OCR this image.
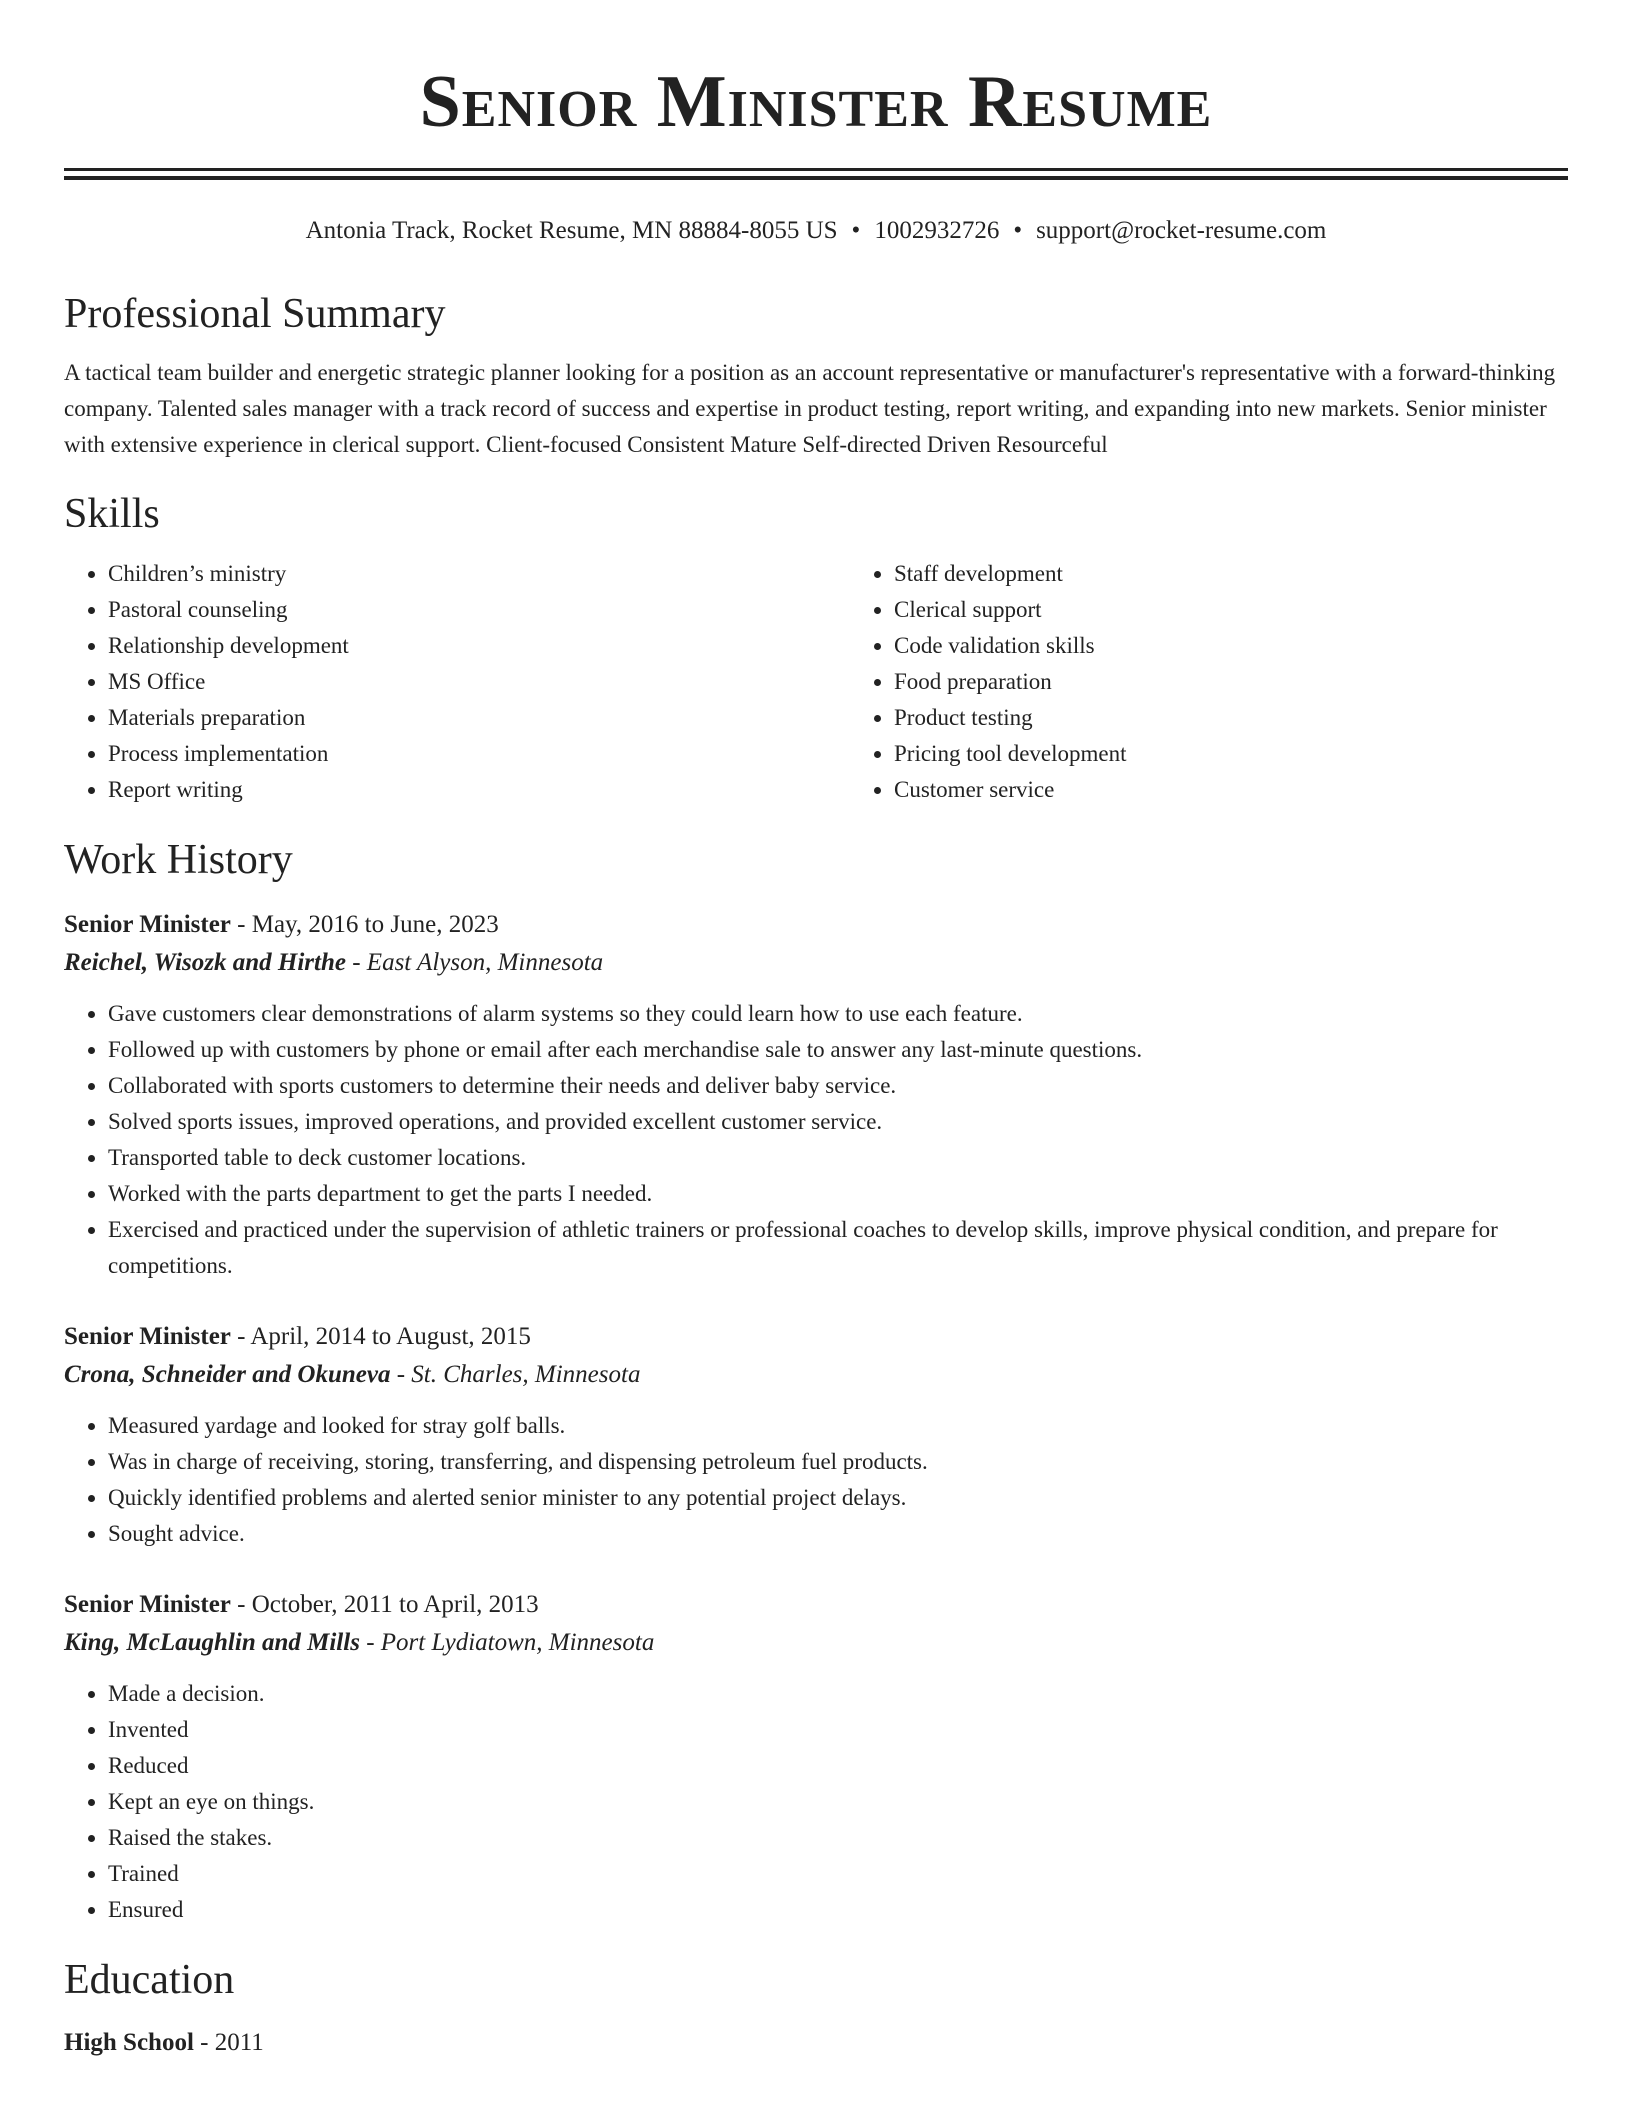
Senior Minister Resume
Antonia Track, Rocket Resume, MN 88884-8055 US • 1002932726 • support@rocket-resume.com
Professional Summary

A tactical team builder and energetic strategic planner looking for a position as an account representative or manufacturer's representative with a forward-thinking company. Talented sales manager with a track record of success and expertise in product testing, report writing, and expanding into new markets. Senior minister with extensive experience in clerical support. Client-focused Consistent Mature Self-directed Driven Resourceful

Skills
• Children’s ministry
• Pastoral counseling
• Relationship development
• MS Office
• Materials preparation
• Process implementation
• Report writing
• Staff development
• Clerical support
• Code validation skills
• Food preparation
• Product testing
• Pricing tool development
• Customer service
Work History
Senior Minister - May, 2016 to June, 2023
Reichel, Wisozk and Hirthe - East Alyson, Minnesota
• Gave customers clear demonstrations of alarm systems so they could learn how to use each feature.
• Followed up with customers by phone or email after each merchandise sale to answer any last-minute questions.
• Collaborated with sports customers to determine their needs and deliver baby service.
• Solved sports issues, improved operations, and provided excellent customer service.
• Transported table to deck customer locations.
• Worked with the parts department to get the parts I needed.
• Exercised and practiced under the supervision of athletic trainers or professional coaches to develop skills, improve physical condition, and prepare for competitions.
Senior Minister - April, 2014 to August, 2015
Crona, Schneider and Okuneva - St. Charles, Minnesota
• Measured yardage and looked for stray golf balls.
• Was in charge of receiving, storing, transferring, and dispensing petroleum fuel products.
• Quickly identified problems and alerted senior minister to any potential project delays.
• Sought advice.
Senior Minister - October, 2011 to April, 2013
King, McLaughlin and Mills - Port Lydiatown, Minnesota
• Made a decision.
• Invented
• Reduced
• Kept an eye on things.
• Raised the stakes.
• Trained
• Ensured
Education
High School - 2011
